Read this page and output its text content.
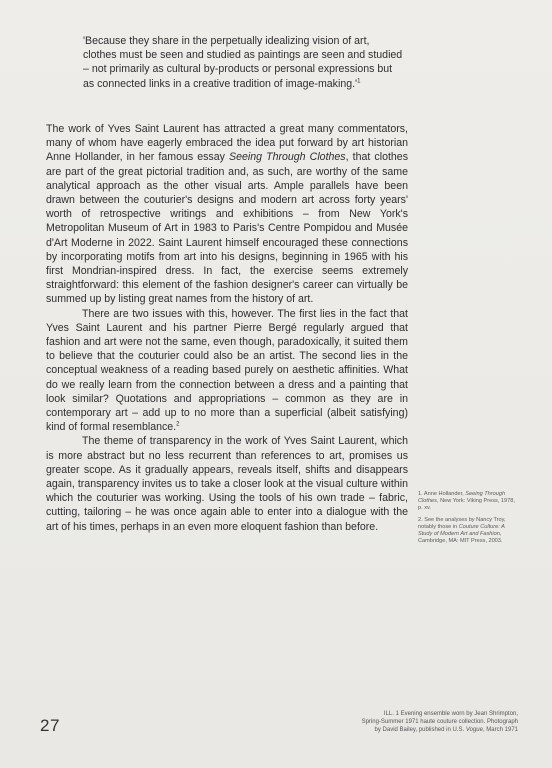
'Because they share in the perpetually idealizing vision of art, clothes must be seen and studied as paintings are seen and studied – not primarily as cultural by-products or personal expressions but as connected links in a creative tradition of image-$making.'^1$

The work of Yves Saint Laurent has attracted a great many commentators, many of whom have eagerly embraced the idea put forward by art historian Anne Hollander, in her famous essay Seeing Through Clothes, that clothes are part of the great pictorial tradition and, as such, are worthy of the same analytical approach as the other visual arts. Ample parallels have been drawn between the couturier's designs and modern art across forty years' worth of retrospective writings and exhibitions – from New York's Metropolitan Museum of Art in 1983 to Paris's Centre Pompidou and Musée d'Art Moderne in 2022. Saint Laurent himself encouraged these connections by incorporating motifs from art into his designs, beginning in 1965 with his first Mondrian-inspired dress. In fact, the exercise seems extremely straightforward: this element of the fashion designer's career can virtually be summed up by listing great names from the history of art.

There are two issues with this, however. The first lies in the fact that Yves Saint Laurent and his partner Pierre Bergé regularly argued that fashion and art were not the same, even though, paradoxically, it suited them to believe that the couturier could also be an artist. The second lies in the conceptual weakness of a reading based purely on aesthetic affinities. What do we really learn from the connection between a dress and a painting that look similar? Quotations and appropriations – common as they are in contemporary art – add up to no more than a superficial (albeit satisfying) kind of formal resemblance.$^2$

The theme of transparency in the work of Yves Saint Laurent, which is more abstract but no less recurrent than references to art, promises us greater scope. As it gradually appears, reveals itself, shifts and disappears again, transparency invites us to take a closer look at the visual culture within which the couturier was working. Using the tools of his own trade – fabric, cutting, tailoring – he was once again able to enter into a dialogue with the art of his times, perhaps in an even more eloquent fashion than before.

1. Anne Hollander, Seeing Through Clothes, New York: Viking Press, 1978, p. xv.

2. See the analyses by Nancy Troy, notably those in Couture Culture: A Study of Modern Art and Fashion, Cambridge, MA: MIT Press, 2003.

27
ILL. 1 Evening ensemble worn by Jean Shrimpton,
Spring-Summer 1971 haute couture collection. Photograph
by David Bailey, published in U.S. Vogue, March 1971
